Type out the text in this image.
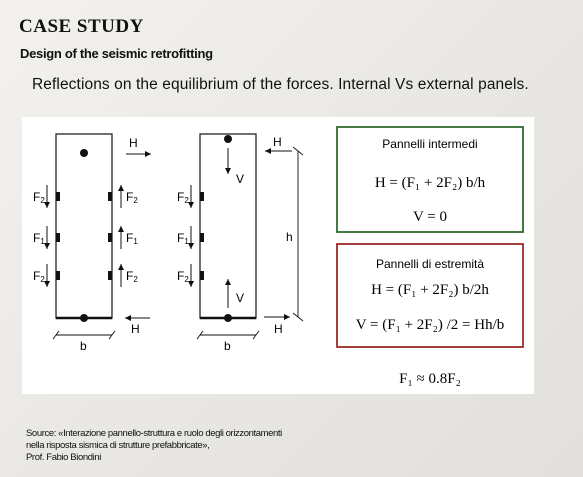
CASE STUDY
Design of the seismic retrofitting
Reflections on the equilibrium of the forces. Internal Vs external panels.
F2
F1
F2
F2
F1
F2
H
H
b
F2
F1
F2
V
V
H
H
h
b
Pannelli intermedi
H = (F₁ + 2F₂) b/h
V = 0
Pannelli di estremità
H = (F₁ + 2F₂) b/2h
V = (F₁ + 2F₂) /2 = Hh/b
F₁ ≈ 0.8F₂
Source: «Interazione pannello-struttura e ruolo degli orizzontamenti
nella risposta sismica di strutture prefabbricate»,
Prof. Fabio Biondini
